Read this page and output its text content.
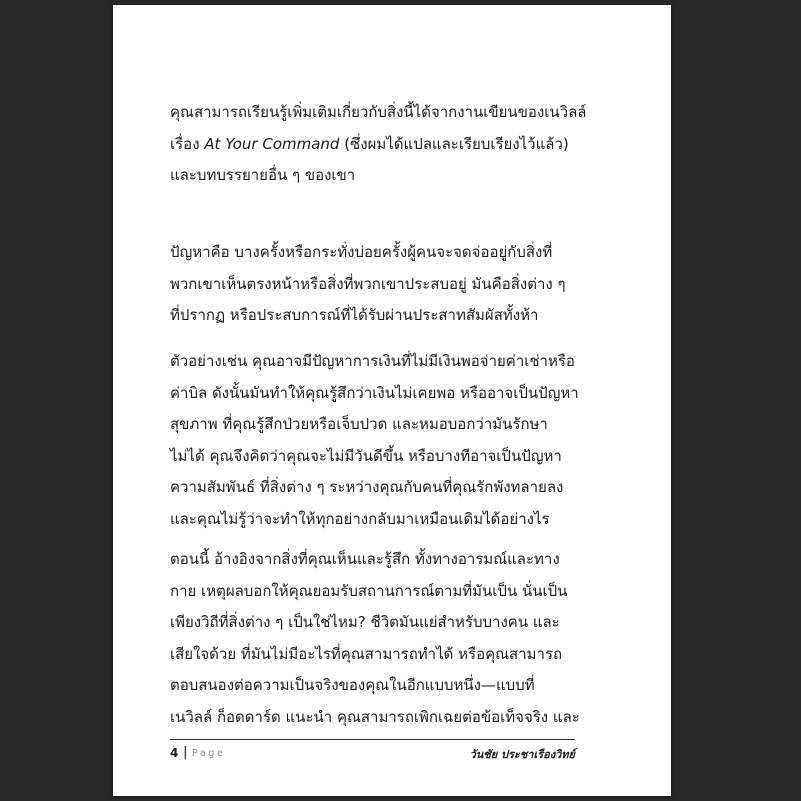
คุณสามารถเรียนรู้เพิ่มเติมเกี่ยวกับสิ่งนี้ได้จากงานเขียนของเนวิลล์
เรื่อง At Your Command (ซึ่งผมได้แปลและเรียบเรียงไว้แล้ว)
และบทบรรยายอื่น ๆ ของเขา
ปัญหาคือ บางครั้งหรือกระทั่งบ่อยครั้งผู้คนจะจดจ่ออยู่กับสิ่งที่
พวกเขาเห็นตรงหน้าหรือสิ่งที่พวกเขาประสบอยู่ มันคือสิ่งต่าง ๆ
ที่ปรากฏ หรือประสบการณ์ที่ได้รับผ่านประสาทสัมผัสทั้งห้า
ตัวอย่างเช่น คุณอาจมีปัญหาการเงินที่ไม่มีเงินพอจ่ายค่าเช่าหรือ
ค่าบิล ดังนั้นมันทำให้คุณรู้สึกว่าเงินไม่เคยพอ หรืออาจเป็นปัญหา
สุขภาพ ที่คุณรู้สึกป่วยหรือเจ็บปวด และหมอบอกว่ามันรักษา
ไม่ได้ คุณจึงคิดว่าคุณจะไม่มีวันดีขึ้น หรือบางทีอาจเป็นปัญหา
ความสัมพันธ์ ที่สิ่งต่าง ๆ ระหว่างคุณกับคนที่คุณรักพังทลายลง
และคุณไม่รู้ว่าจะทำให้ทุกอย่างกลับมาเหมือนเดิมได้อย่างไร
ตอนนี้ อ้างอิงจากสิ่งที่คุณเห็นและรู้สึก ทั้งทางอารมณ์และทาง
กาย เหตุผลบอกให้คุณยอมรับสถานการณ์ตามที่มันเป็น นั่นเป็น
เพียงวิถีที่สิ่งต่าง ๆ เป็นใช่ไหม? ชีวิตมันแย่สำหรับบางคน และ
เสียใจด้วย ที่มันไม่มีอะไรที่คุณสามารถทำได้ หรือคุณสามารถ
ตอบสนองต่อความเป็นจริงของคุณในอีกแบบหนึ่ง—แบบที่
เนวิลล์ ก็อดดาร์ด แนะนำ คุณสามารถเพิกเฉยต่อข้อเท็จจริง และ
4 | Page	วันชัย ประชาเรืองวิทย์
